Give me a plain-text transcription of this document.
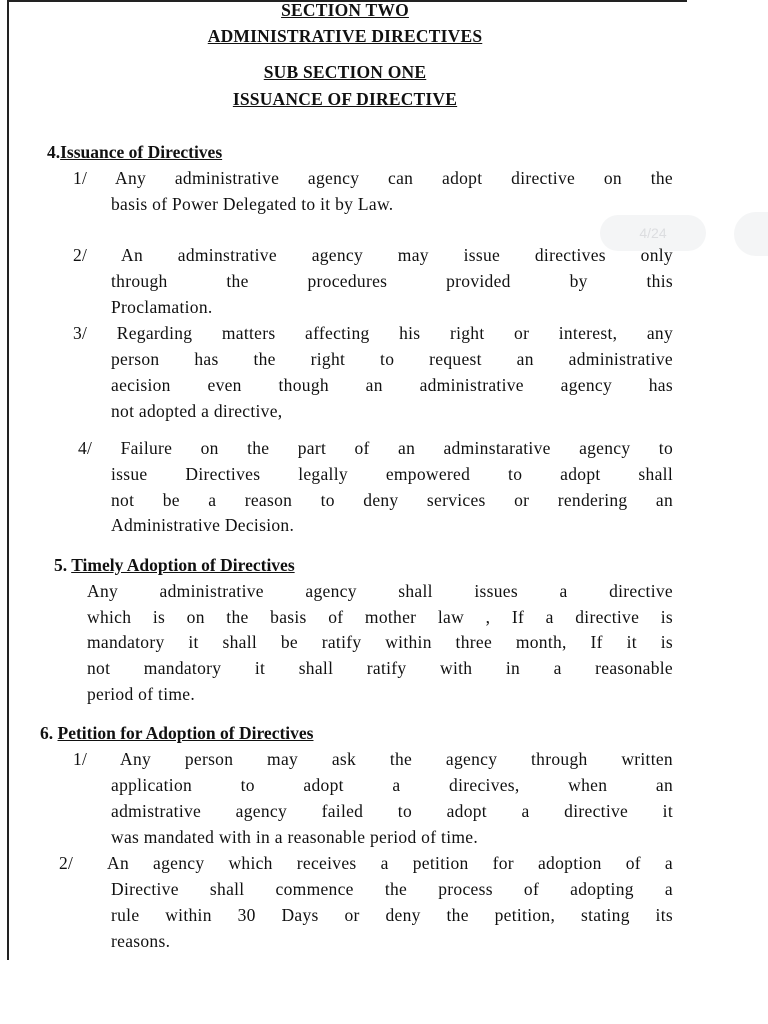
4/24
SECTION TWO
ADMINISTRATIVE DIRECTIVES
SUB SECTION ONE
ISSUANCE OF DIRECTIVE
4.Issuance of Directives
1/ Any administrative agency can adopt directive on the
basis of Power Delegated to it by Law.
2/ An adminstrative agency may issue directives only
through the procedures provided by this
Proclamation.
3/ Regarding matters affecting his right or interest, any
person has the right to request an administrative
aecision even though an administrative agency has
not adopted a directive,
4/ Failure on the part of an adminstarative agency to
issue Directives legally empowered to adopt shall
not be a reason to deny services or rendering an
Administrative Decision.
5. Timely Adoption of Directives
Any administrative agency shall issues a directive
which is on the basis of mother law , If a directive is
mandatory it shall be ratify within three month, If it is
not mandatory it shall ratify with in a reasonable
period of time.
6. Petition for Adoption of Directives
1/ Any person may ask the agency through written
application to adopt a direcives, when an
admistrative agency failed to adopt a directive it
was mandated with in a reasonable period of time.
2/ An agency which receives a petition for adoption of a
Directive shall commence the process of adopting a
rule within 30 Days or deny the petition, stating its
reasons.
